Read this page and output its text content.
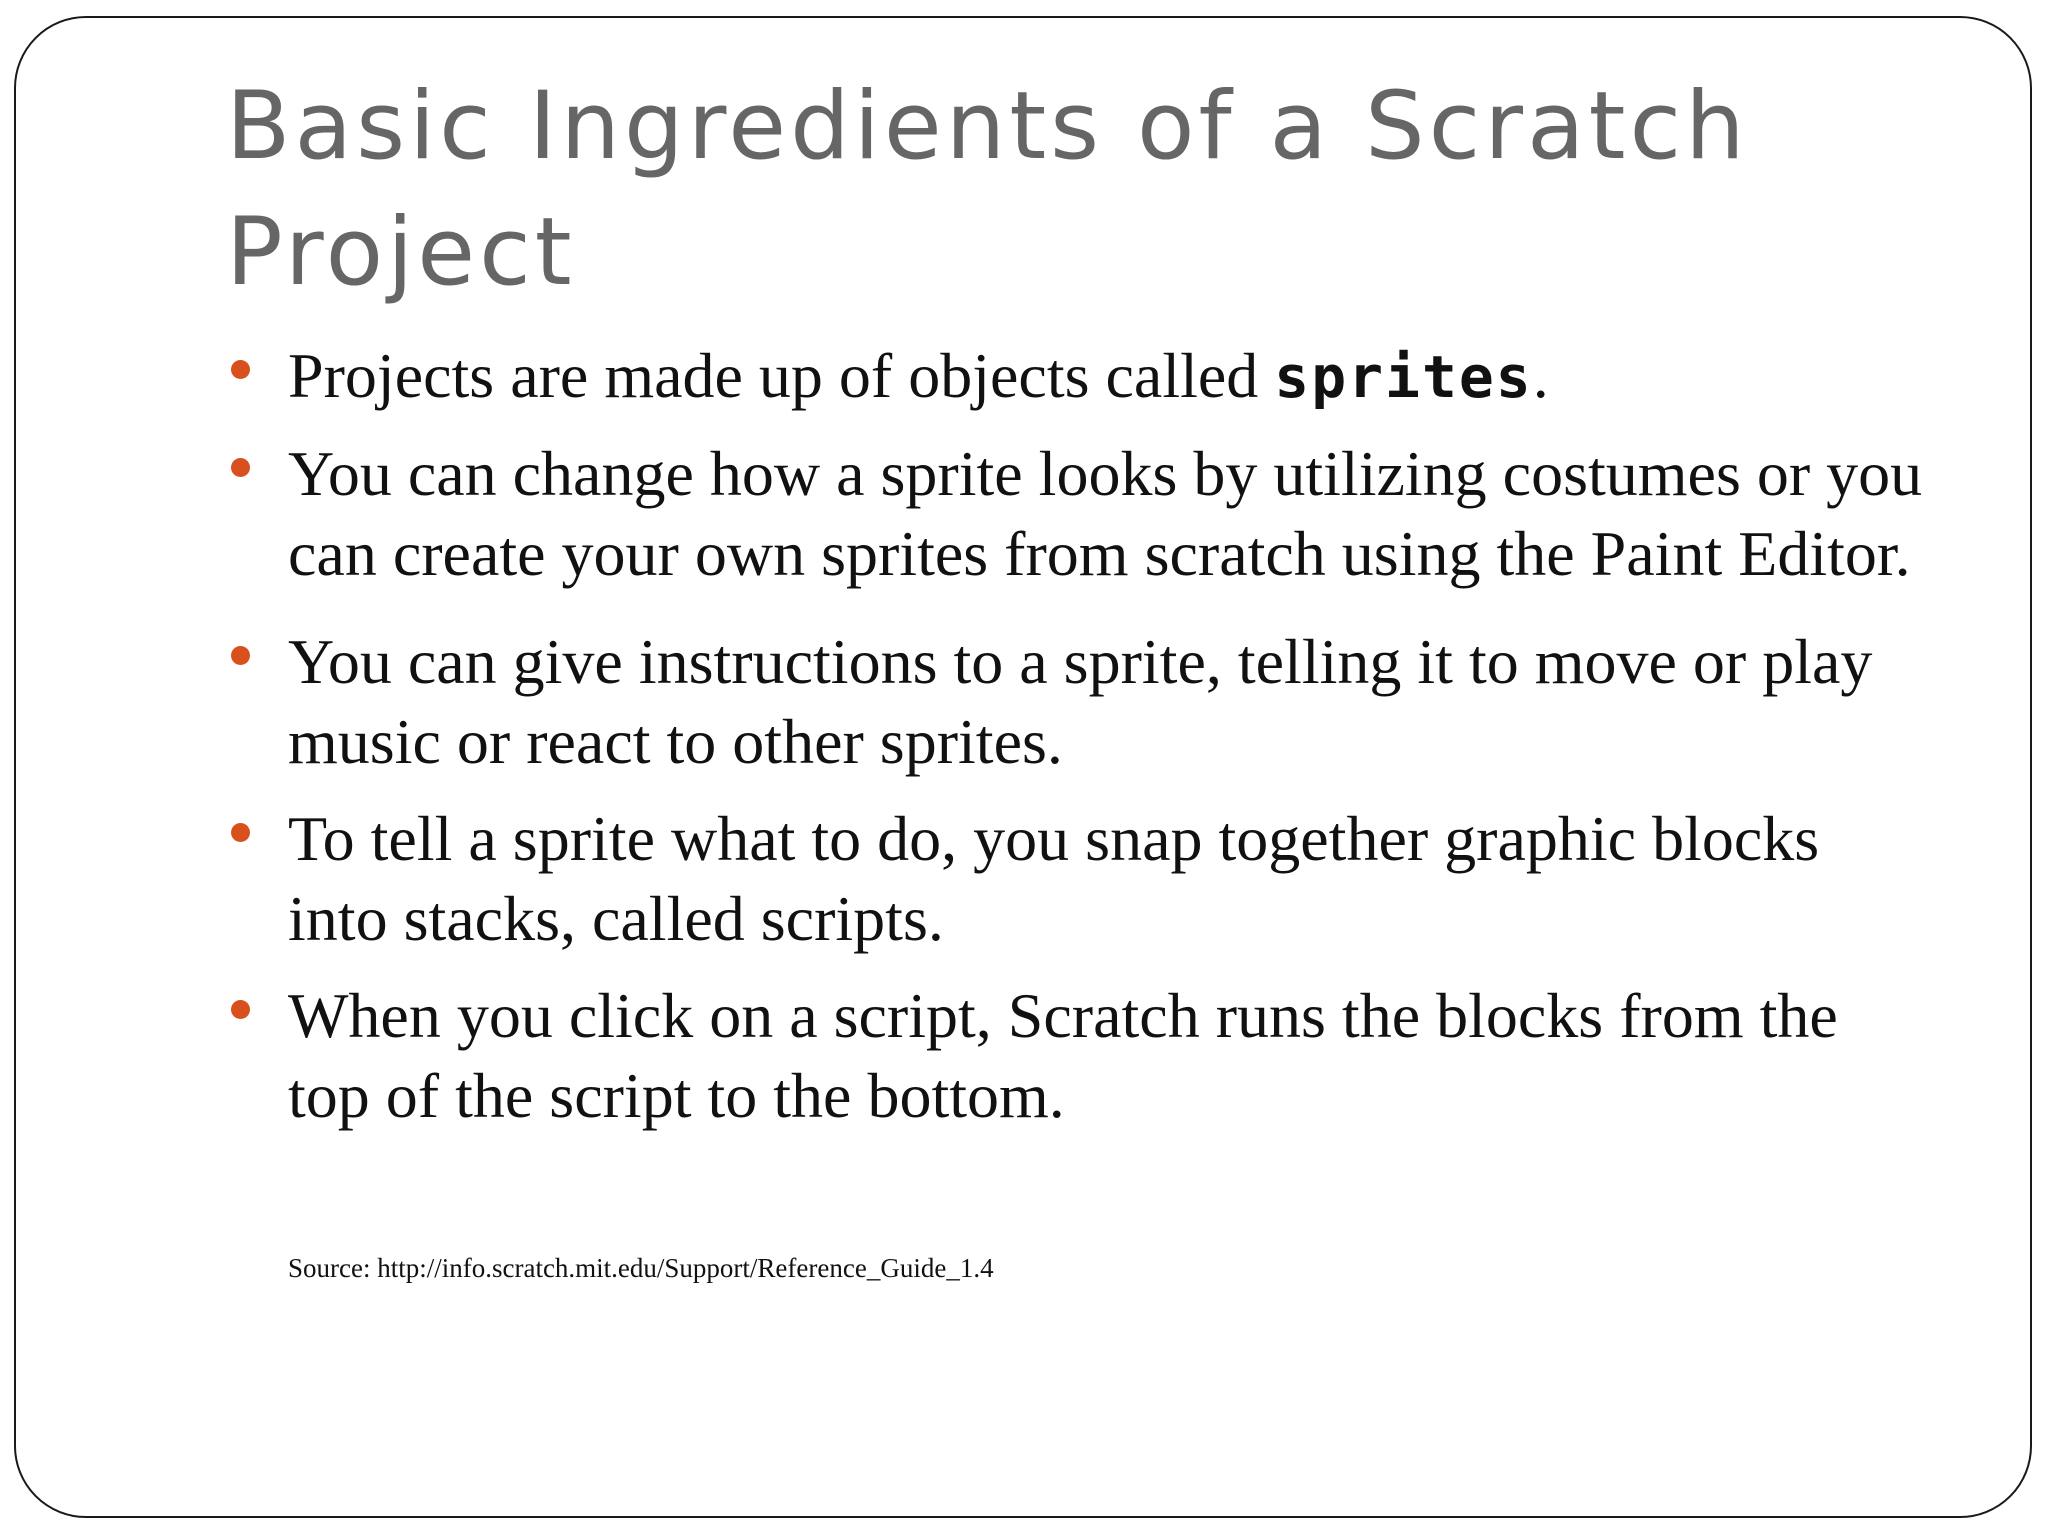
Basic Ingredients of a Scratch Project
Projects are made up of objects called sprites.
You can change how a sprite looks by utilizing costumes or you can create your own sprites from scratch using the Paint Editor.
You can give instructions to a sprite, telling it to move or play music or react to other sprites.
To tell a sprite what to do, you snap together graphic blocks into stacks, called scripts.
When you click on a script, Scratch runs the blocks from the top of the script to the bottom.

Source: http://info.scratch.mit.edu/Support/Reference_Guide_1.4
